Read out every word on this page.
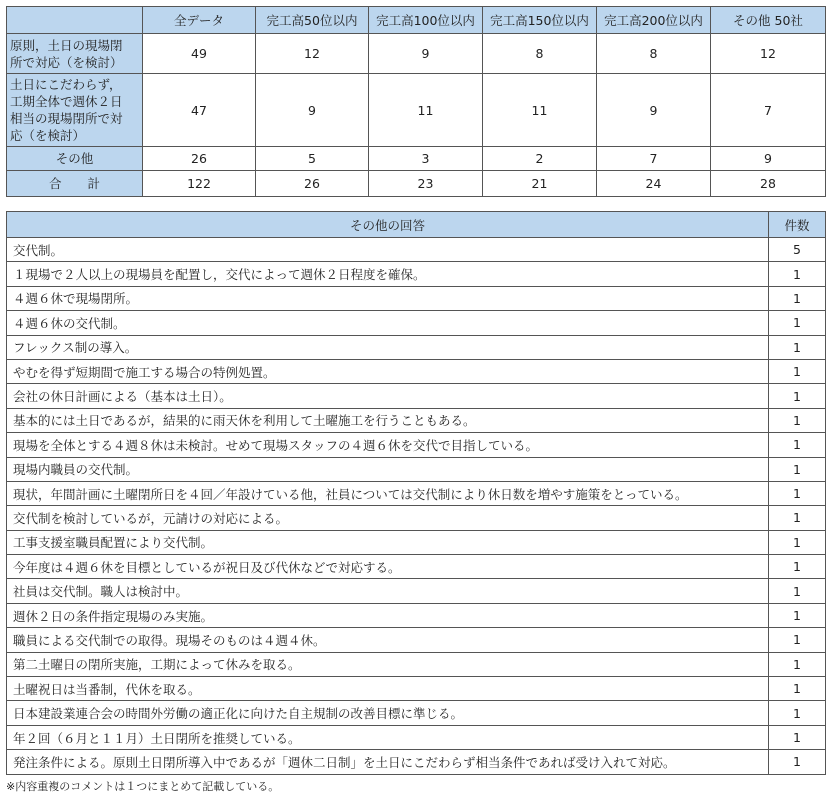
	全データ	完工高50位以内	完工高100位以内	完工高150位以内	完工高200位以内	その他 50社

原則，土日の現場閉
所で対応（を検討）	49	12	9	8	8	12

土日にこだわらず，
工期全体で週休２日
相当の現場閉所で対
応（を検討）	47	9	11	11	9	7

その他	26	5	3	2	7	9
合計	122	26	23	21	24	28
その他の回答	件数
交代制。	5
１現場で２人以上の現場員を配置し，交代によって週休２日程度を確保。	1
４週６休で現場閉所。	1
４週６休の交代制。	1
フレックス制の導入。	1
やむを得ず短期間で施工する場合の特例処置。	1
会社の休日計画による（基本は土日）。	1
基本的には土日であるが，結果的に雨天休を利用して土曜施工を行うこともある。	1
現場を全体とする４週８休は未検討。せめて現場スタッフの４週６休を交代で目指している。	1
現場内職員の交代制。	1
現状，年間計画に土曜閉所日を４回／年設けている他，社員については交代制により休日数を増やす施策をとっている。	1
交代制を検討しているが，元請けの対応による。	1
工事支援室職員配置により交代制。	1
今年度は４週６休を目標としているが祝日及び代休などで対応する。	1
社員は交代制。職人は検討中。	1
週休２日の条件指定現場のみ実施。	1
職員による交代制での取得。現場そのものは４週４休。	1
第二土曜日の閉所実施，工期によって休みを取る。	1
土曜祝日は当番制，代休を取る。	1
日本建設業連合会の時間外労働の適正化に向けた自主規制の改善目標に準じる。	1
年２回（６月と１１月）土日閉所を推奨している。	1
発注条件による。原則土日閉所導入中であるが「週休二日制」を土日にこだわらず相当条件であれば受け入れて対応。	1
※内容重複のコメントは１つにまとめて記載している。
